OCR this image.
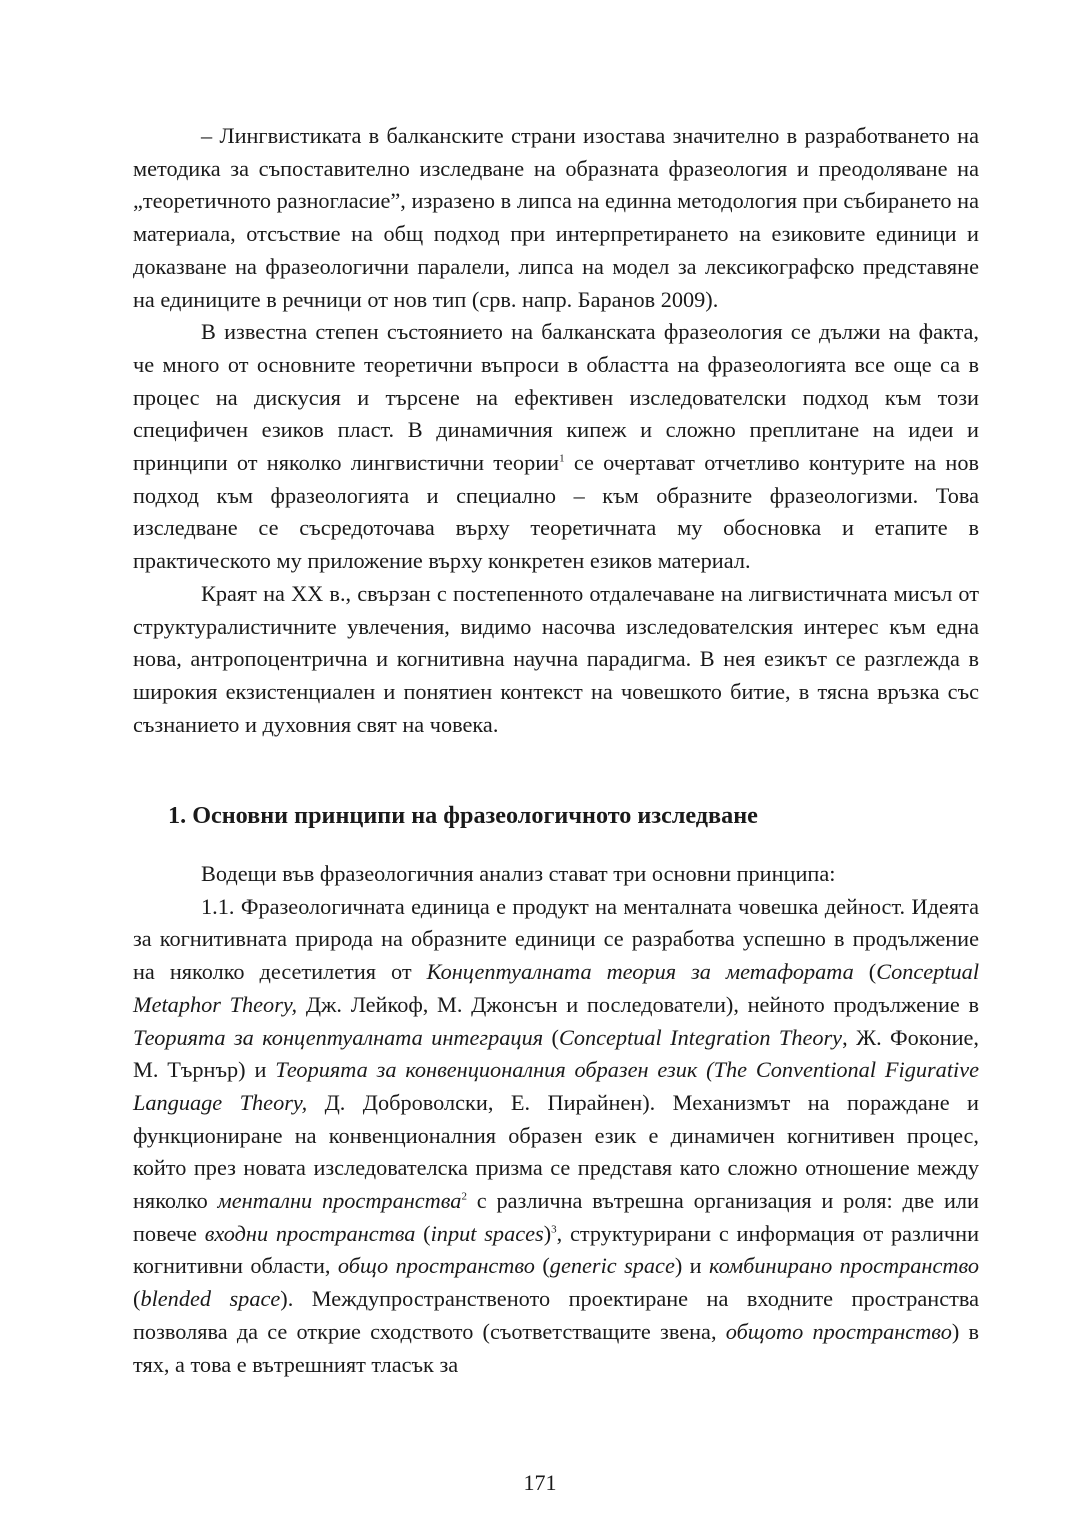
– Лингвистиката в балканските страни изостава значително в разработването на методика за съпоставително изследване на образната фразеология и преодоляване на „теоретичното разногласие”, изразено в липса на единна методология при събирането на материала, отсъствие на общ подход при интерпретирането на езиковите единици и доказване на фразеологични паралели, липса на модел за лексикографско представяне на единиците в речници от нов тип (срв. напр. Баранов 2009).

В известна степен състоянието на балканската фразеология се дължи на факта, че много от основните теоретични въпроси в областта на фразеологията все още са в процес на дискусия и търсене на ефективен изследователски подход към този специфичен езиков пласт. В динамичния кипеж и сложно преплитане на идеи и принципи от няколко лингвистични теории$^1$ се очертават отчетливо контурите на нов подход към фразеологията и специално – към образните фразеологизми. Това изследване се съсредоточава върху теоретичната му обосновка и етапите в практическото му приложение върху конкретен езиков материал.

Краят на XX в., свързан с постепенното отдалечаване на лигвистичната мисъл от структуралистичните увлечения, видимо насочва изследователския интерес към една нова, антропоцентрична и когнитивна научна парадигма. В нея езикът се разглежда в широкия екзистенциален и понятиен контекст на човешкото битие, в тясна връзка със съзнанието и духовния свят на човека.

1. Основни принципи на фразеологичното изследване

Водещи във фразеологичния анализ стават три основни принципа:

1.1. Фразеологичната единица е продукт на менталната човешка дейност. Идеята за когнитивната природа на образните единици се разработва успешно в продължение на няколко десетилетия от Концептуалната теория за метафората (Conceptual Metaphor Theory, Дж. Лейкоф, М. Джонсън и последователи), нейното продължение в Теорията за концептуалната интеграция (Conceptual Integration Theory, Ж. Фоконие, М. Търнър) и Теорията за конвенционалния образен език (The Conventional Figurative Language Theory, Д. Доброволски, Е. Пирайнен). Механизмът на пораждане и функциониране на конвенционалния образен език е динамичен когнитивен процес, който през новата изследователска призма се представя като сложно отношение между няколко ментални пространства$^2$ с различна вътрешна организация и роля: две или повече входни пространства (input spaces)$^3$, структурирани с информация от различни когнитивни области, общо пространство (generic space) и комбинирано пространство (blended space). Междупространственото проектиране на входните пространства позволява да се открие сходството (съответстващите звена, общото пространство) в тях, а това е вътрешният тласък за

171
